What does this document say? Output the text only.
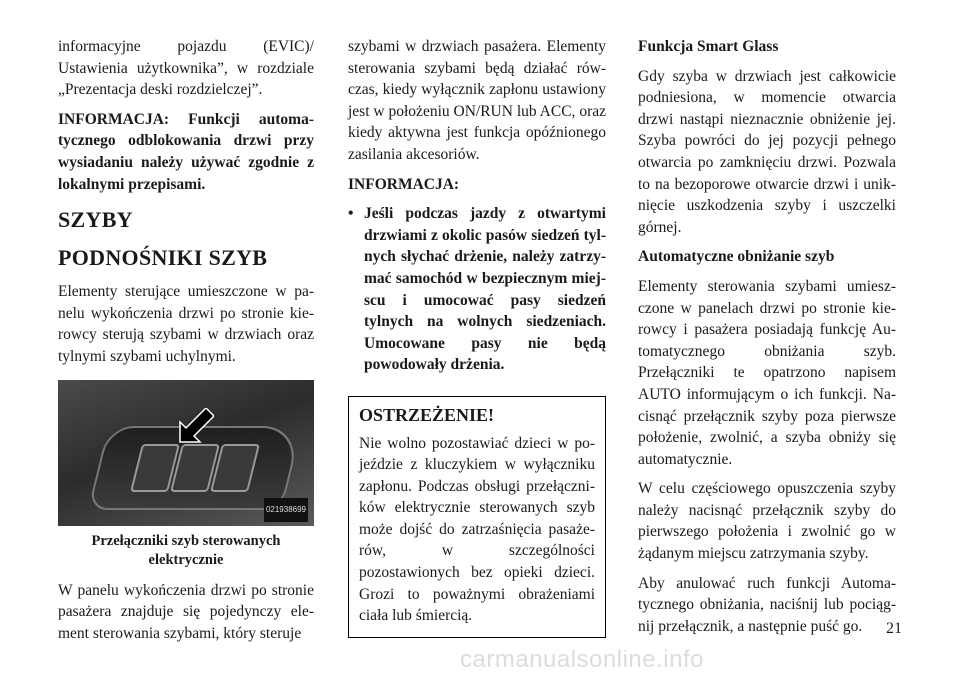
informacyjne pojazdu (EVIC)/ Ustawienia użytkownika”, w rozdziale „Prezentacja deski rozdzielczej”.

INFORMACJA: Funkcji automatycznego odblokowania drzwi przy wysiadaniu należy używać zgodnie z lokalnymi przepisami.

SZYBY
PODNOŚNIKI SZYB

Elementy sterujące umieszczone w panelu wykończenia drzwi po stronie kierowcy sterują szybami w drzwiach oraz tylnymi szybami uchylnymi.

021938699
Przełączniki szyb sterowanych elektrycznie

W panelu wykończenia drzwi po stronie pasażera znajduje się pojedynczy element sterowania szybami, który steruje

szybami w drzwiach pasażera. Elementy sterowania szybami będą działać rówczas, kiedy wyłącznik zapłonu ustawiony jest w położeniu ON/RUN lub ACC, oraz kiedy aktywna jest funkcja opóźnionego zasilania akcesoriów.

INFORMACJA:

• Jeśli podczas jazdy z otwartymi drzwiami z okolic pasów siedzeń tylnych słychać drżenie, należy zatrzymać samochód w bezpiecznym miejscu i umocować pasy siedzeń tylnych na wolnych siedzeniach. Umocowane pasy nie będą powodowały drżenia.
OSTRZEŻENIE!

Nie wolno pozostawiać dzieci w pojeździe z kluczykiem w wyłączniku zapłonu. Podczas obsługi przełączników elektrycznie sterowanych szyb może dojść do zatrzaśnięcia pasażerów, w szczególności pozostawionych bez opieki dzieci. Grozi to poważnymi obrażeniami ciała lub śmiercią.

Funkcja Smart Glass

Gdy szyba w drzwiach jest całkowicie podniesiona, w momencie otwarcia drzwi nastąpi nieznacznie obniżenie jej. Szyba powróci do jej pozycji pełnego otwarcia po zamknięciu drzwi. Pozwala to na bezoporowe otwarcie drzwi i uniknięcie uszkodzenia szyby i uszczelki górnej.

Automatyczne obniżanie szyb

Elementy sterowania szybami umieszczone w panelach drzwi po stronie kierowcy i pasażera posiadają funkcję Automatycznego obniżania szyb. Przełączniki te opatrzono napisem AUTO informującym o ich funkcji. Nacisnąć przełącznik szyby poza pierwsze położenie, zwolnić, a szyba obniży się automatycznie.

W celu częściowego opuszczenia szyby należy nacisnąć przełącznik szyby do pierwszego położenia i zwolnić go w żądanym miejscu zatrzymania szyby.

Aby anulować ruch funkcji Automatycznego obniżania, naciśnij lub pociągnij przełącznik, a następnie puść go.	21
carmanualsonline.info
